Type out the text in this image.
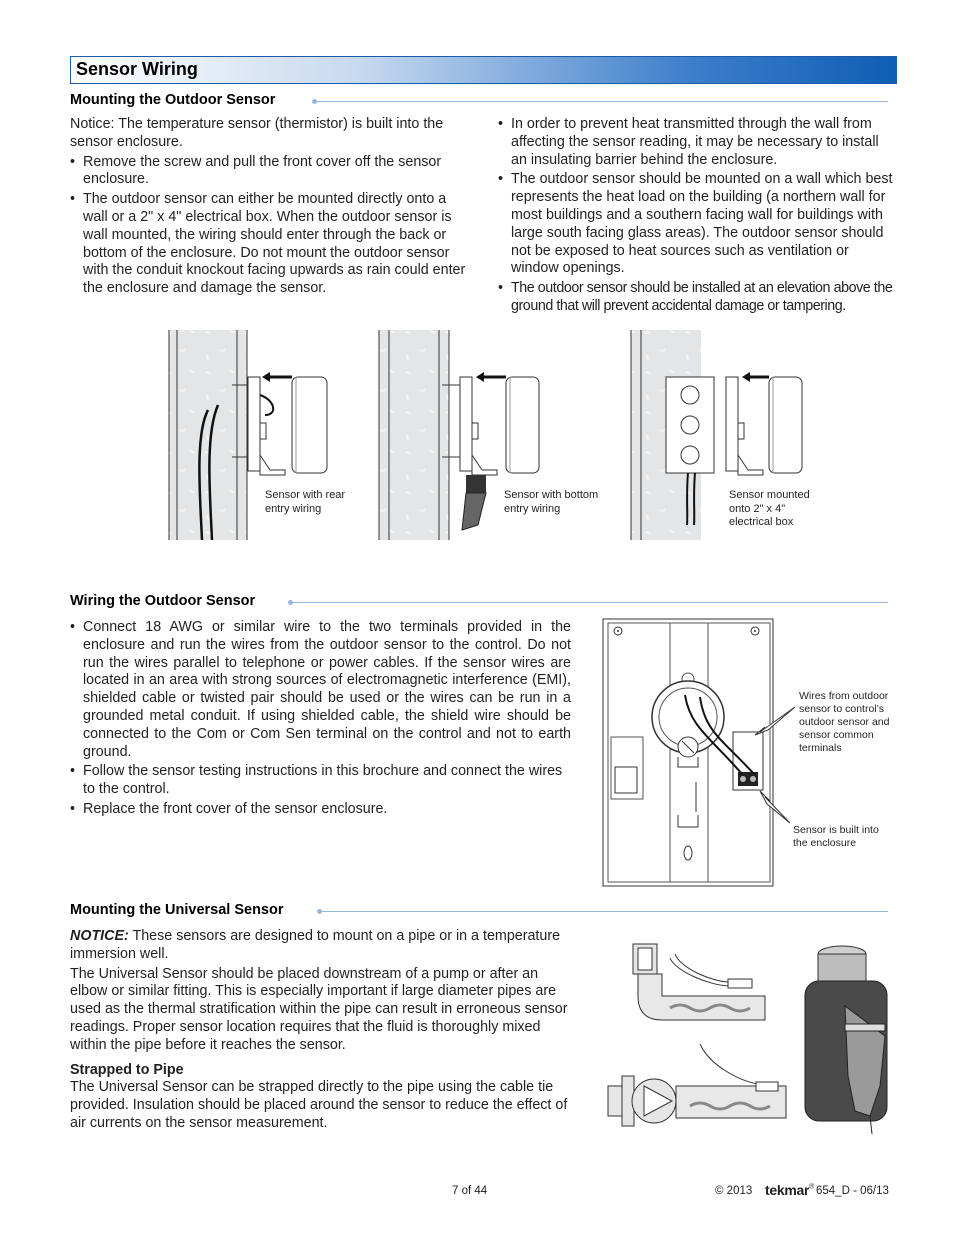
Sensor Wiring
Mounting the Outdoor Sensor

Notice: The temperature sensor (thermistor) is built into the sensor enclosure.

• Remove the screw and pull the front cover off the sensor enclosure.
• The outdoor sensor can either be mounted directly onto a wall or a 2" x 4" electrical box. When the outdoor sensor is wall mounted, the wiring should enter through the back or bottom of the enclosure. Do not mount the outdoor sensor with the conduit knockout facing upwards as rain could enter the enclosure and damage the sensor.
• In order to prevent heat transmitted through the wall from affecting the sensor reading, it may be necessary to install an insulating barrier behind the enclosure.
• The outdoor sensor should be mounted on a wall which best represents the heat load on the building (a northern wall for most buildings and a southern facing wall for buildings with large south facing glass areas). The outdoor sensor should not be exposed to heat sources such as ventilation or window openings.
• The outdoor sensor should be installed at an elevation above the ground that will prevent accidental damage or tampering.
Sensor with rear entry wiring
Sensor with bottom entry wiring
Sensor mounted onto 2" x 4" electrical box
Wiring the Outdoor Sensor
• Connect 18 AWG or similar wire to the two terminals provided in the enclosure and run the wires from the outdoor sensor to the control. Do not run the wires parallel to telephone or power cables. If the sensor wires are located in an area with strong sources of electromagnetic interference (EMI), shielded cable or twisted pair should be used or the wires can be run in a grounded metal conduit. If using shielded cable, the shield wire should be connected to the Com or Com Sen terminal on the control and not to earth ground.
• Follow the sensor testing instructions in this brochure and connect the wires to the control.
• Replace the front cover of the sensor enclosure.
Wires from outdoor sensor to control’s outdoor sensor and sensor common terminals
Sensor is built into the enclosure
Mounting the Universal Sensor

NOTICE: These sensors are designed to mount on a pipe or in a temperature immersion well.

The Universal Sensor should be placed downstream of a pump or after an elbow or similar fitting. This is especially important if large diameter pipes are used as the thermal stratification within the pipe can result in erroneous sensor readings. Proper sensor location requires that the fluid is thoroughly mixed within the pipe before it reaches the sensor.

Strapped to Pipe

The Universal Sensor can be strapped directly to the pipe using the cable tie provided. Insulation should be placed around the sensor to reduce the effect of air currents on the sensor measurement.

7 of 44	© 2013 tekmar® 654_D - 06/13
